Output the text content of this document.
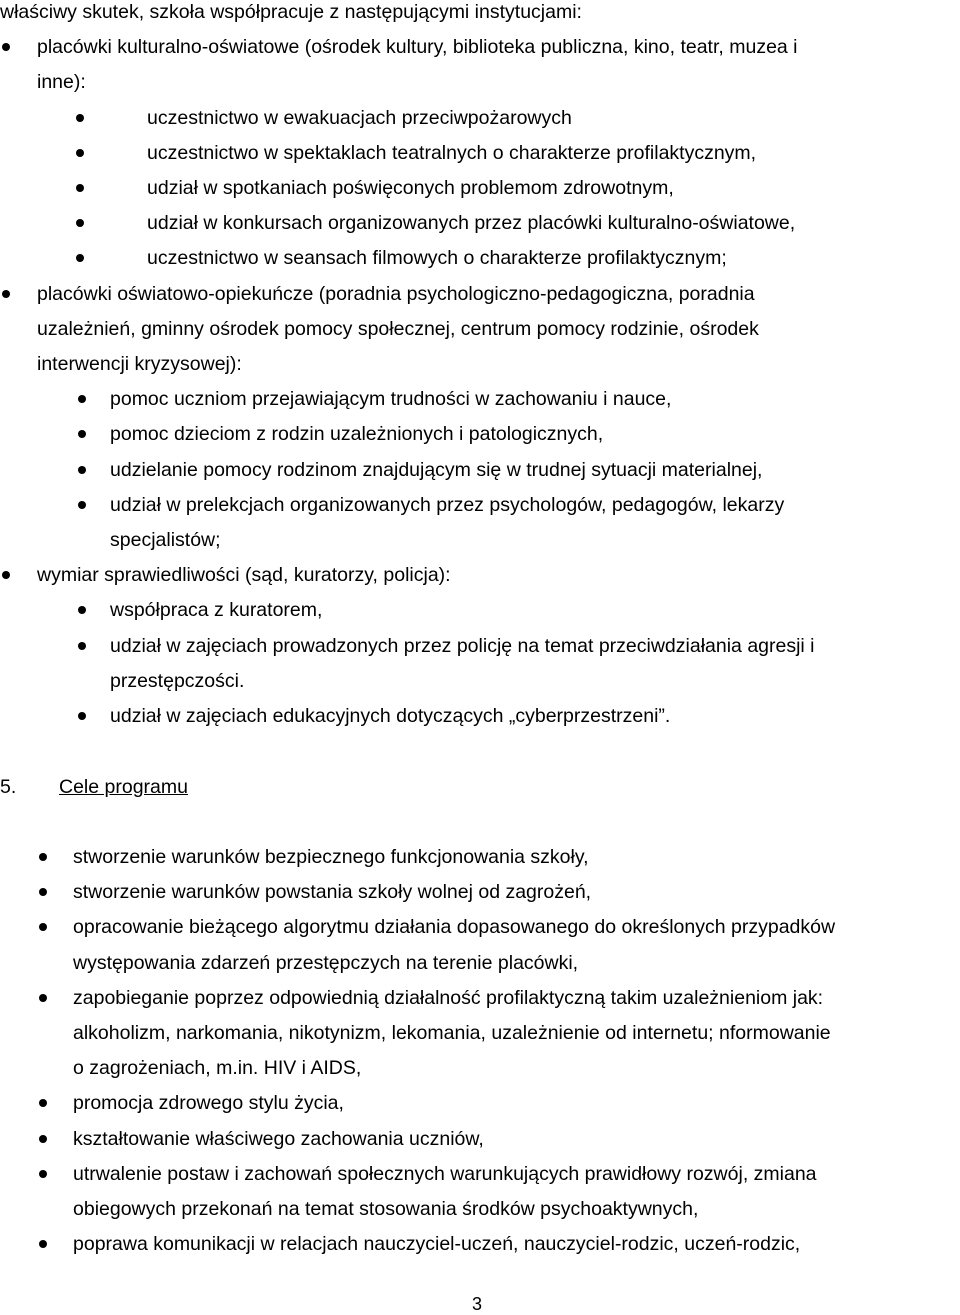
właściwy skutek, szkoła współpracuje z następującymi instytucjami:
placówki kulturalno-oświatowe (ośrodek kultury, biblioteka publiczna, kino, teatr, muzea i
inne):
uczestnictwo w ewakuacjach przeciwpożarowych
uczestnictwo w spektaklach teatralnych o charakterze profilaktycznym,
udział w spotkaniach poświęconych problemom zdrowotnym,
udział w konkursach organizowanych przez placówki kulturalno-oświatowe,
uczestnictwo w seansach filmowych o charakterze profilaktycznym;
placówki oświatowo-opiekuńcze (poradnia psychologiczno-pedagogiczna, poradnia
uzależnień, gminny ośrodek pomocy społecznej, centrum pomocy rodzinie, ośrodek
interwencji kryzysowej):
pomoc uczniom przejawiającym trudności w zachowaniu i nauce,
pomoc dzieciom z rodzin uzależnionych i patologicznych,
udzielanie pomocy rodzinom znajdującym się w trudnej sytuacji materialnej,
udział w prelekcjach organizowanych przez psychologów, pedagogów, lekarzy
specjalistów;
wymiar sprawiedliwości (sąd, kuratorzy, policja):
współpraca z kuratorem,
udział w zajęciach prowadzonych przez policję na temat przeciwdziałania agresji i
przestępczości.
udział w zajęciach edukacyjnych dotyczących „cyberprzestrzeni”.
5. Cele programu
stworzenie warunków bezpiecznego funkcjonowania szkoły,
stworzenie warunków powstania szkoły wolnej od zagrożeń,
opracowanie bieżącego algorytmu działania dopasowanego do określonych przypadków
występowania zdarzeń przestępczych na terenie placówki,
zapobieganie poprzez odpowiednią działalność profilaktyczną takim uzależnieniom jak:
alkoholizm, narkomania, nikotynizm, lekomania, uzależnienie od internetu; nformowanie
o zagrożeniach, m.in. HIV i AIDS,
promocja zdrowego stylu życia,
kształtowanie właściwego zachowania uczniów,
utrwalenie postaw i zachowań społecznych warunkujących prawidłowy rozwój, zmiana
obiegowych przekonań na temat stosowania środków psychoaktywnych,
poprawa komunikacji w relacjach nauczyciel-uczeń, nauczyciel-rodzic, uczeń-rodzic,
3
